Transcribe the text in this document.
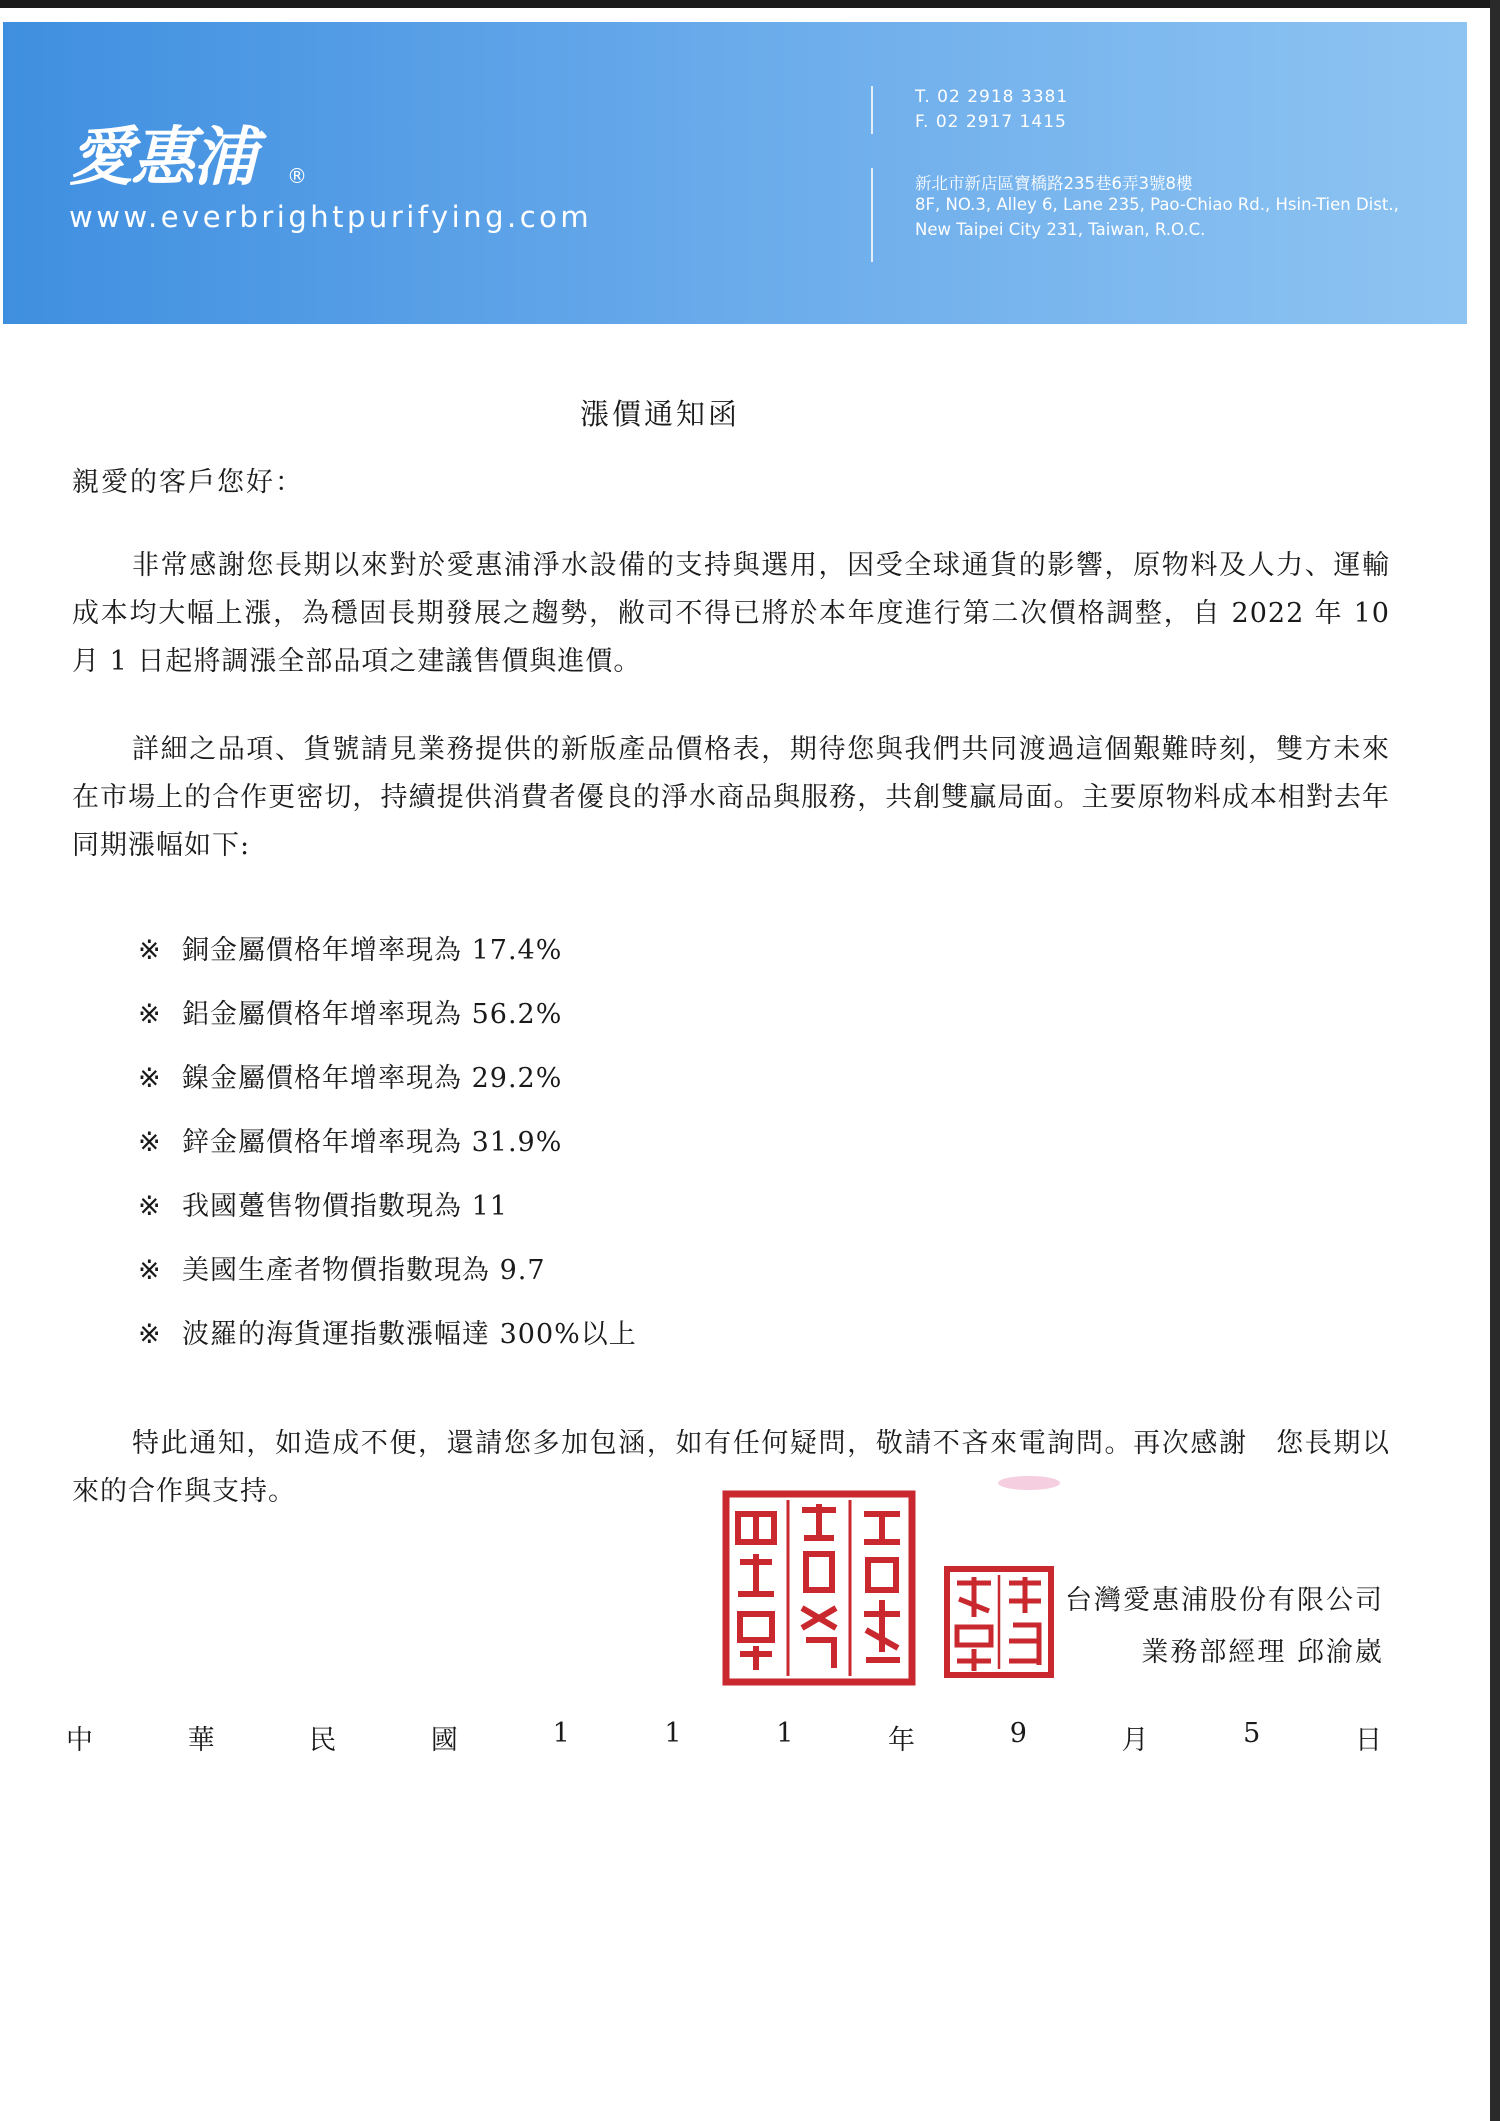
愛惠浦 ®
www.everbrightpurifying.com
T. 02 2918 3381
F. 02 2917 1415
新北市新店區寶橋路235巷6弄3號8樓
8F, NO.3, Alley 6, Lane 235, Pao-Chiao Rd., Hsin-Tien Dist.,
New Taipei City 231, Taiwan, R.O.C.
漲價通知函
親愛的客戶您好：
非常感謝您長期以來對於愛惠浦淨水設備的支持與選用，因受全球通貨的影響，原物料及人力、運輸成本均大幅上漲，為穩固長期發展之趨勢，敝司不得已將於本年度進行第二次價格調整，自 2022 年 10 月 1 日起將調漲全部品項之建議售價與進價。
詳細之品項、貨號請見業務提供的新版產品價格表，期待您與我們共同渡過這個艱難時刻，雙方未來在市場上的合作更密切，持續提供消費者優良的淨水商品與服務，共創雙贏局面。主要原物料成本相對去年同期漲幅如下:
※ 銅金屬價格年增率現為 17.4%
※ 鋁金屬價格年增率現為 56.2%
※ 鎳金屬價格年增率現為 29.2%
※ 鋅金屬價格年增率現為 31.9%
※ 我國躉售物價指數現為 11
※ 美國生產者物價指數現為 9.7
※ 波羅的海貨運指數漲幅達 300%以上
特此通知，如造成不便，還請您多加包涵，如有任何疑問，敬請不吝來電詢問。再次感謝　您長期以來的合作與支持。
台灣愛惠浦股份有限公司
業務部經理 邱渝崴
中	華	民	國	1	1	1	年	9	月	5	日
